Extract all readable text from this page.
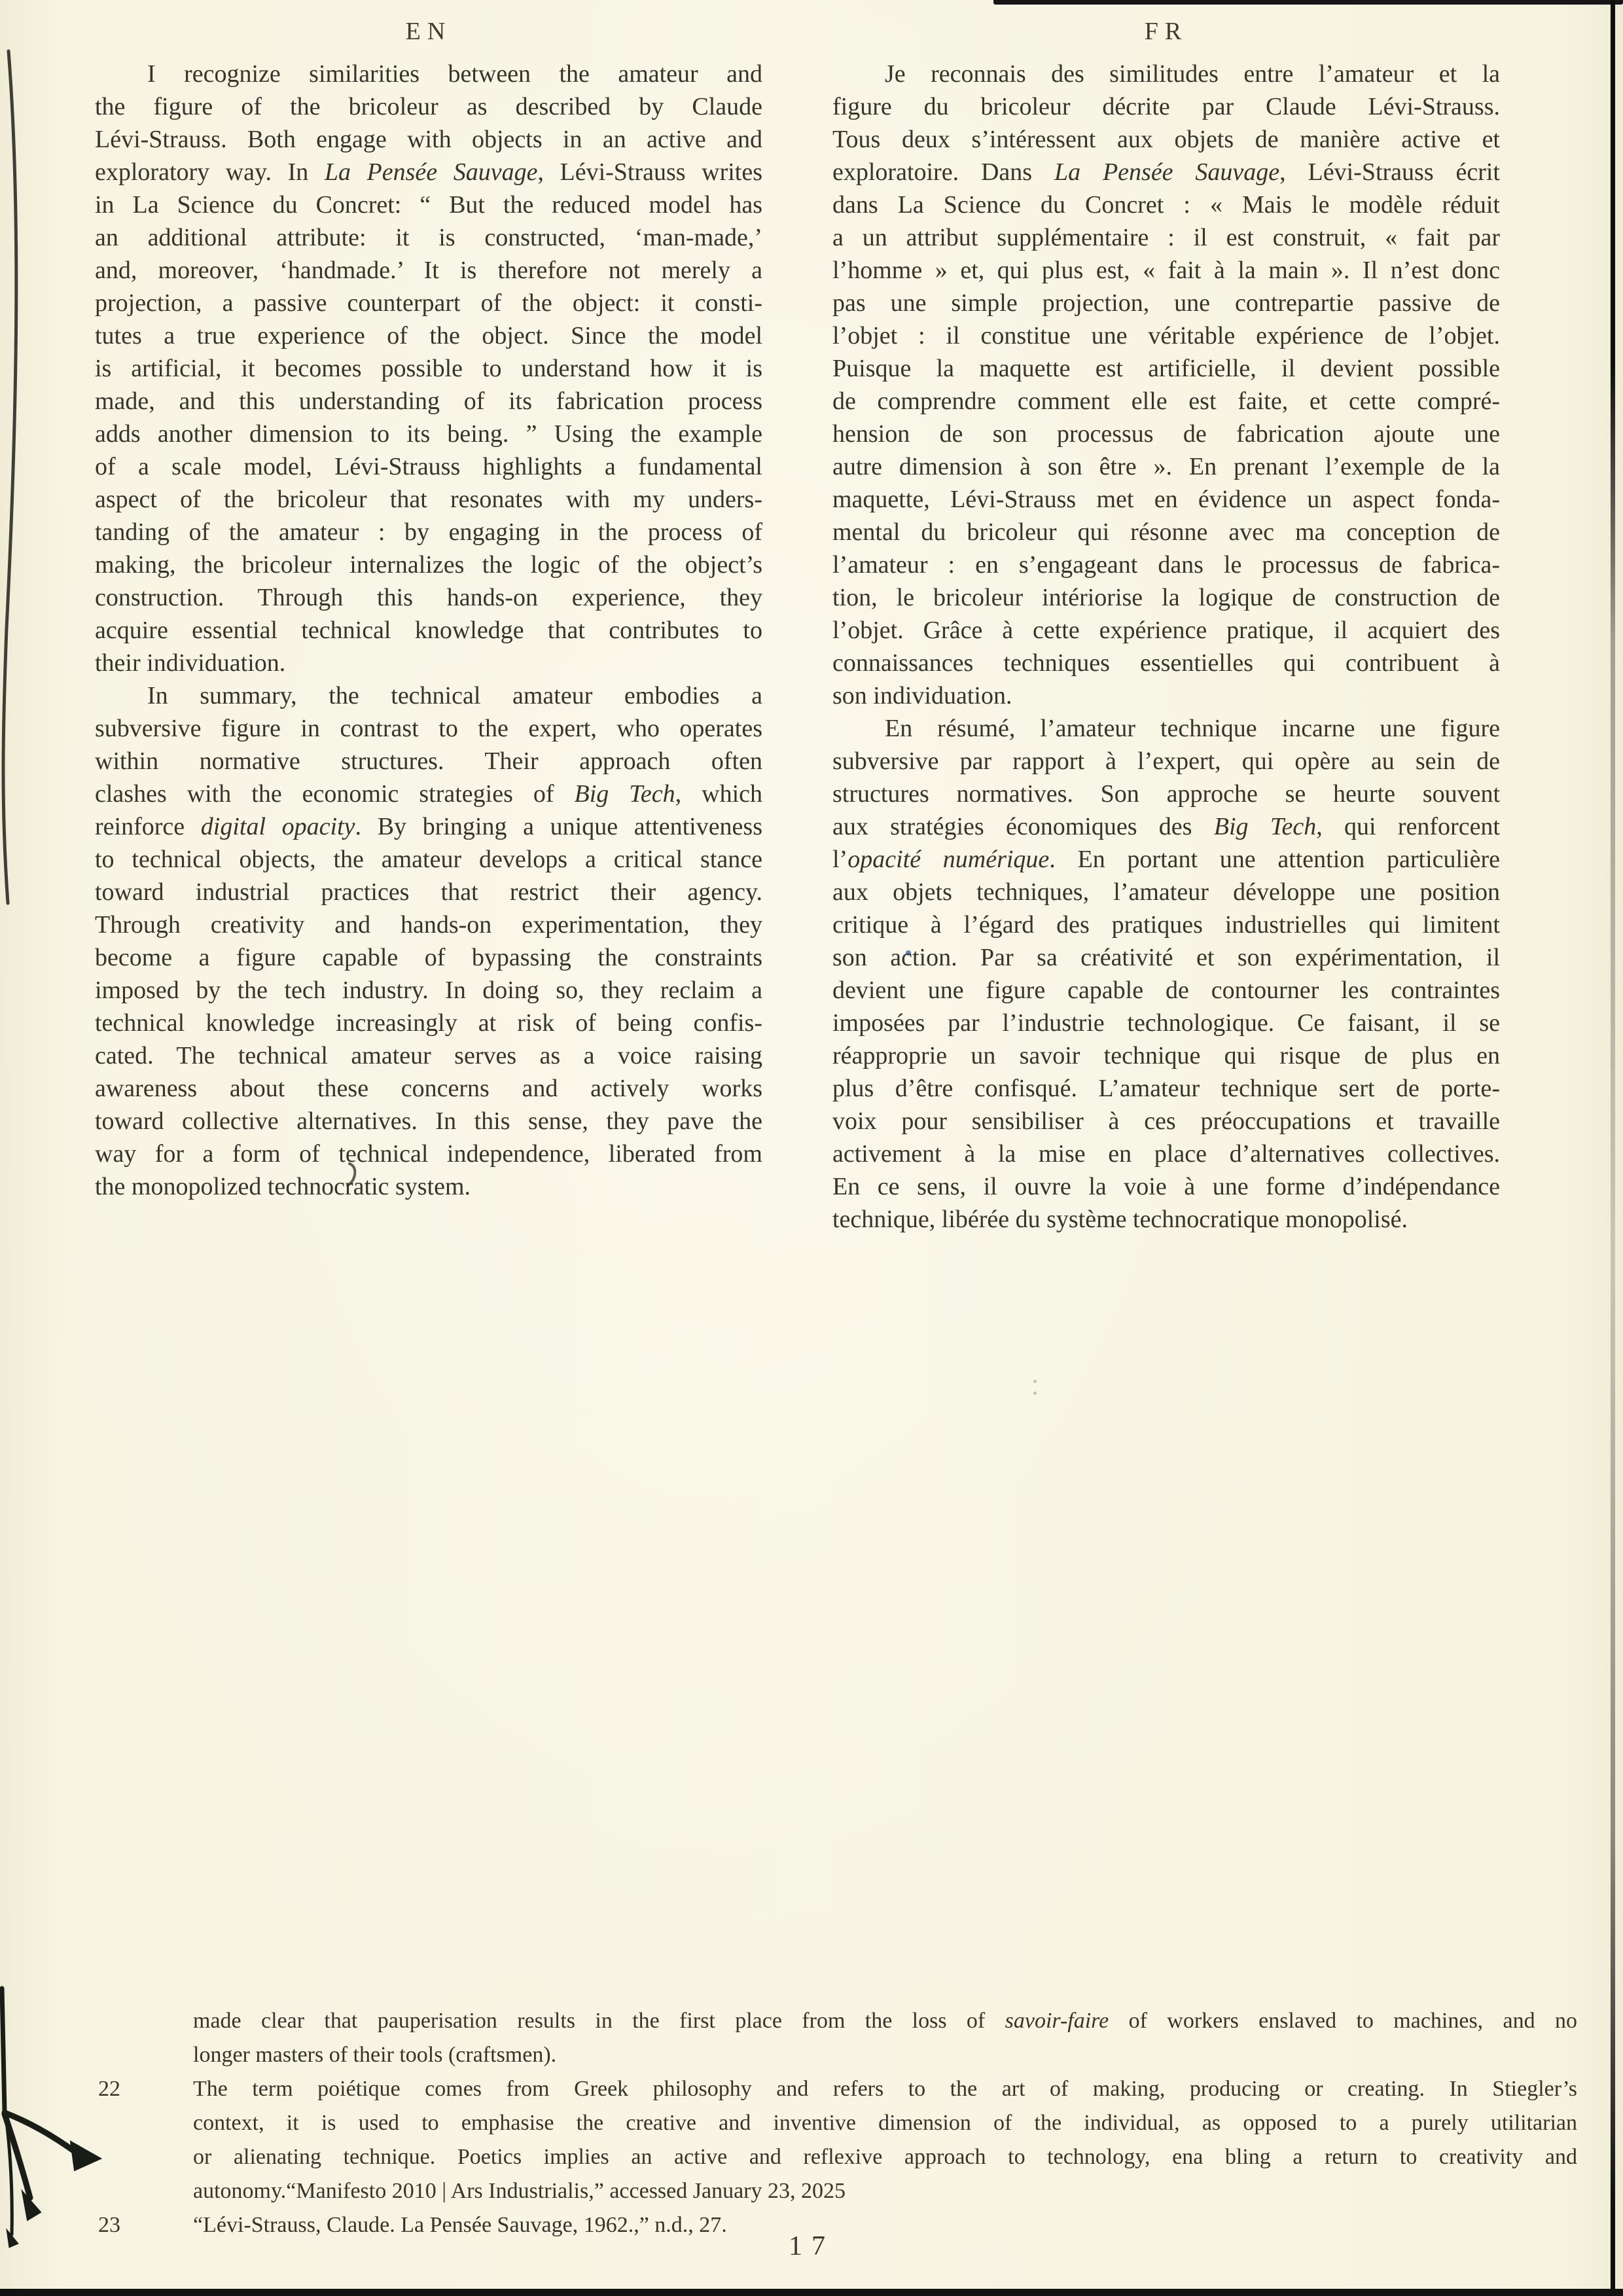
EN	FR
I recognize similarities between the amateur and
the figure of the bricoleur as described by Claude
Lévi-Strauss. Both engage with objects in an active and
exploratory way. In La Pensée Sauvage, Lévi-Strauss writes
in La Science du Concret: “ But the reduced model has
an additional attribute: it is constructed, ‘man-made,’
and, moreover, ‘handmade.’ It is therefore not merely a
projection, a passive counterpart of the object: it consti-
tutes a true experience of the object. Since the model
is artificial, it becomes possible to understand how it is
made, and this understanding of its fabrication process
adds another dimension to its being. ” Using the example
of a scale model, Lévi-Strauss highlights a fundamental
aspect of the bricoleur that resonates with my unders-
tanding of the amateur : by engaging in the process of
making, the bricoleur internalizes the logic of the object’s
construction. Through this hands-on experience, they
acquire essential technical knowledge that contributes to
their individuation.
In summary, the technical amateur embodies a
subversive figure in contrast to the expert, who operates
within normative structures. Their approach often
clashes with the economic strategies of Big Tech, which
reinforce digital opacity. By bringing a unique attentiveness
to technical objects, the amateur develops a critical stance
toward industrial practices that restrict their agency.
Through creativity and hands-on experimentation, they
become a figure capable of bypassing the constraints
imposed by the tech industry. In doing so, they reclaim a
technical knowledge increasingly at risk of being confis-
cated. The technical amateur serves as a voice raising
awareness about these concerns and actively works
toward collective alternatives. In this sense, they pave the
way for a form of technical independence, liberated from
the monopolized technocratic system.
Je reconnais des similitudes entre l’amateur et la
figure du bricoleur décrite par Claude Lévi-Strauss.
Tous deux s’intéressent aux objets de manière active et
exploratoire. Dans La Pensée Sauvage, Lévi-Strauss écrit
dans La Science du Concret : « Mais le modèle réduit
a un attribut supplémentaire : il est construit, « fait par
l’homme » et, qui plus est, « fait à la main ». Il n’est donc
pas une simple projection, une contrepartie passive de
l’objet : il constitue une véritable expérience de l’objet.
Puisque la maquette est artificielle, il devient possible
de comprendre comment elle est faite, et cette compré-
hension de son processus de fabrication ajoute une
autre dimension à son être ». En prenant l’exemple de la
maquette, Lévi-Strauss met en évidence un aspect fonda-
mental du bricoleur qui résonne avec ma conception de
l’amateur : en s’engageant dans le processus de fabrica-
tion, le bricoleur intériorise la logique de construction de
l’objet. Grâce à cette expérience pratique, il acquiert des
connaissances techniques essentielles qui contribuent à
son individuation.
En résumé, l’amateur technique incarne une figure
subversive par rapport à l’expert, qui opère au sein de
structures normatives. Son approche se heurte souvent
aux stratégies économiques des Big Tech, qui renforcent
l’opacité numérique. En portant une attention particulière
aux objets techniques, l’amateur développe une position
critique à l’égard des pratiques industrielles qui limitent
son action. Par sa créativité et son expérimentation, il
devient une figure capable de contourner les contraintes
imposées par l’industrie technologique. Ce faisant, il se
réapproprie un savoir technique qui risque de plus en
plus d’être confisqué. L’amateur technique sert de porte-
voix pour sensibiliser à ces préoccupations et travaille
activement à la mise en place d’alternatives collectives.
En ce sens, il ouvre la voie à une forme d’indépendance
technique, libérée du système technocratique monopolisé.
made clear that pauperisation results in the first place from the loss of savoir-faire of workers enslaved to machines, and no
longer masters of their tools (craftsmen).
22	The term poiétique comes from Greek philosophy and refers to the art of making, producing or creating. In Stiegler’s
context, it is used to emphasise the creative and inventive dimension of the individual, as opposed to a purely utilitarian
or alienating technique. Poetics implies an active and reflexive approach to technology, ena bling a return to creativity and
autonomy.“Manifesto 2010 | Ars Industrialis,” accessed January 23, 2025
23	“Lévi-Strauss, Claude. La Pensée Sauvage, 1962.,” n.d., 27.
17
